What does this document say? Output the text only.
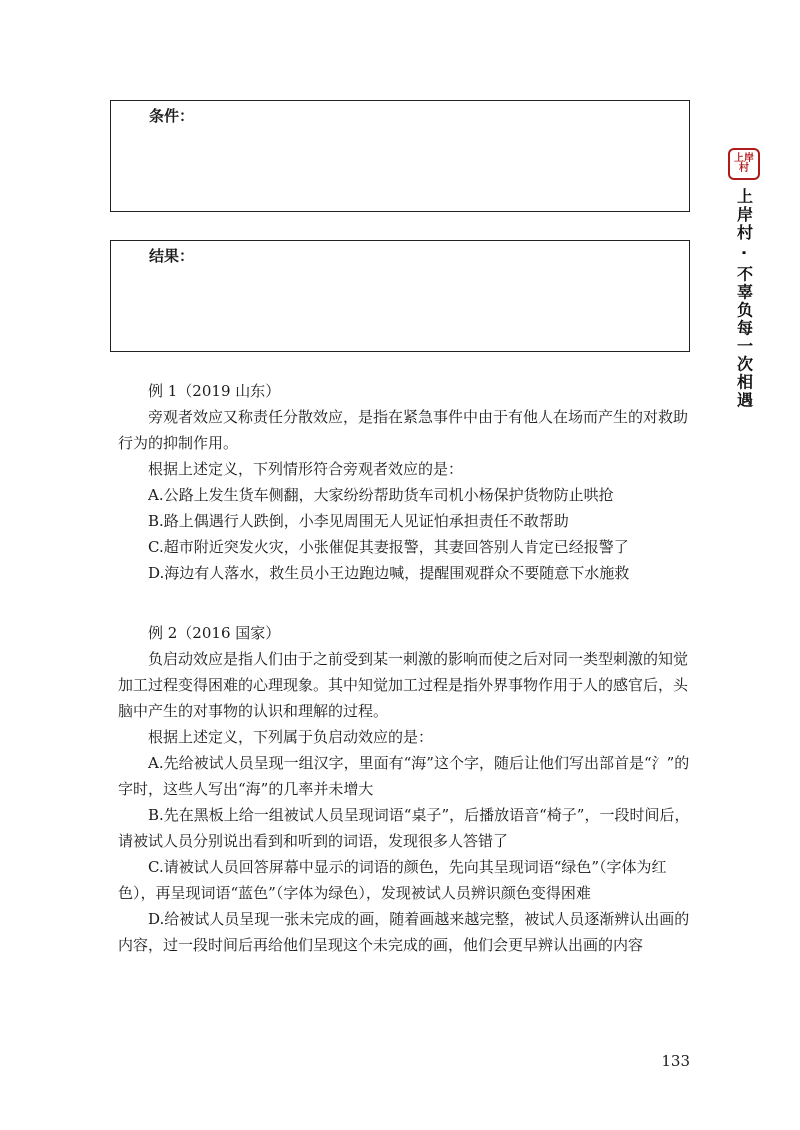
条件：
结果：
上岸村
上岸村 · 不辜负每一次相遇

例 1（2019 山东）

旁观者效应又称责任分散效应，是指在紧急事件中由于有他人在场而产生的对救助行为的抑制作用。

根据上述定义，下列情形符合旁观者效应的是：

A.公路上发生货车侧翻，大家纷纷帮助货车司机小杨保护货物防止哄抢

B.路上偶遇行人跌倒，小李见周围无人见证怕承担责任不敢帮助

C.超市附近突发火灾，小张催促其妻报警，其妻回答别人肯定已经报警了

D.海边有人落水，救生员小王边跑边喊，提醒围观群众不要随意下水施救

例 2（2016 国家）

负启动效应是指人们由于之前受到某一刺激的影响而使之后对同一类型刺激的知觉加工过程变得困难的心理现象。其中知觉加工过程是指外界事物作用于人的感官后，头脑中产生的对事物的认识和理解的过程。

根据上述定义，下列属于负启动效应的是：

A.先给被试人员呈现一组汉字，里面有“海”这个字，随后让他们写出部首是“氵”的字时，这些人写出“海”的几率并未增大

B.先在黑板上给一组被试人员呈现词语“桌子”，后播放语音“椅子”，一段时间后，请被试人员分别说出看到和听到的词语，发现很多人答错了

C.请被试人员回答屏幕中显示的词语的颜色，先向其呈现词语“绿色”（字体为红色），再呈现词语“蓝色”（字体为绿色），发现被试人员辨识颜色变得困难

D.给被试人员呈现一张未完成的画，随着画越来越完整，被试人员逐渐辨认出画的内容，过一段时间后再给他们呈现这个未完成的画，他们会更早辨认出画的内容

133
